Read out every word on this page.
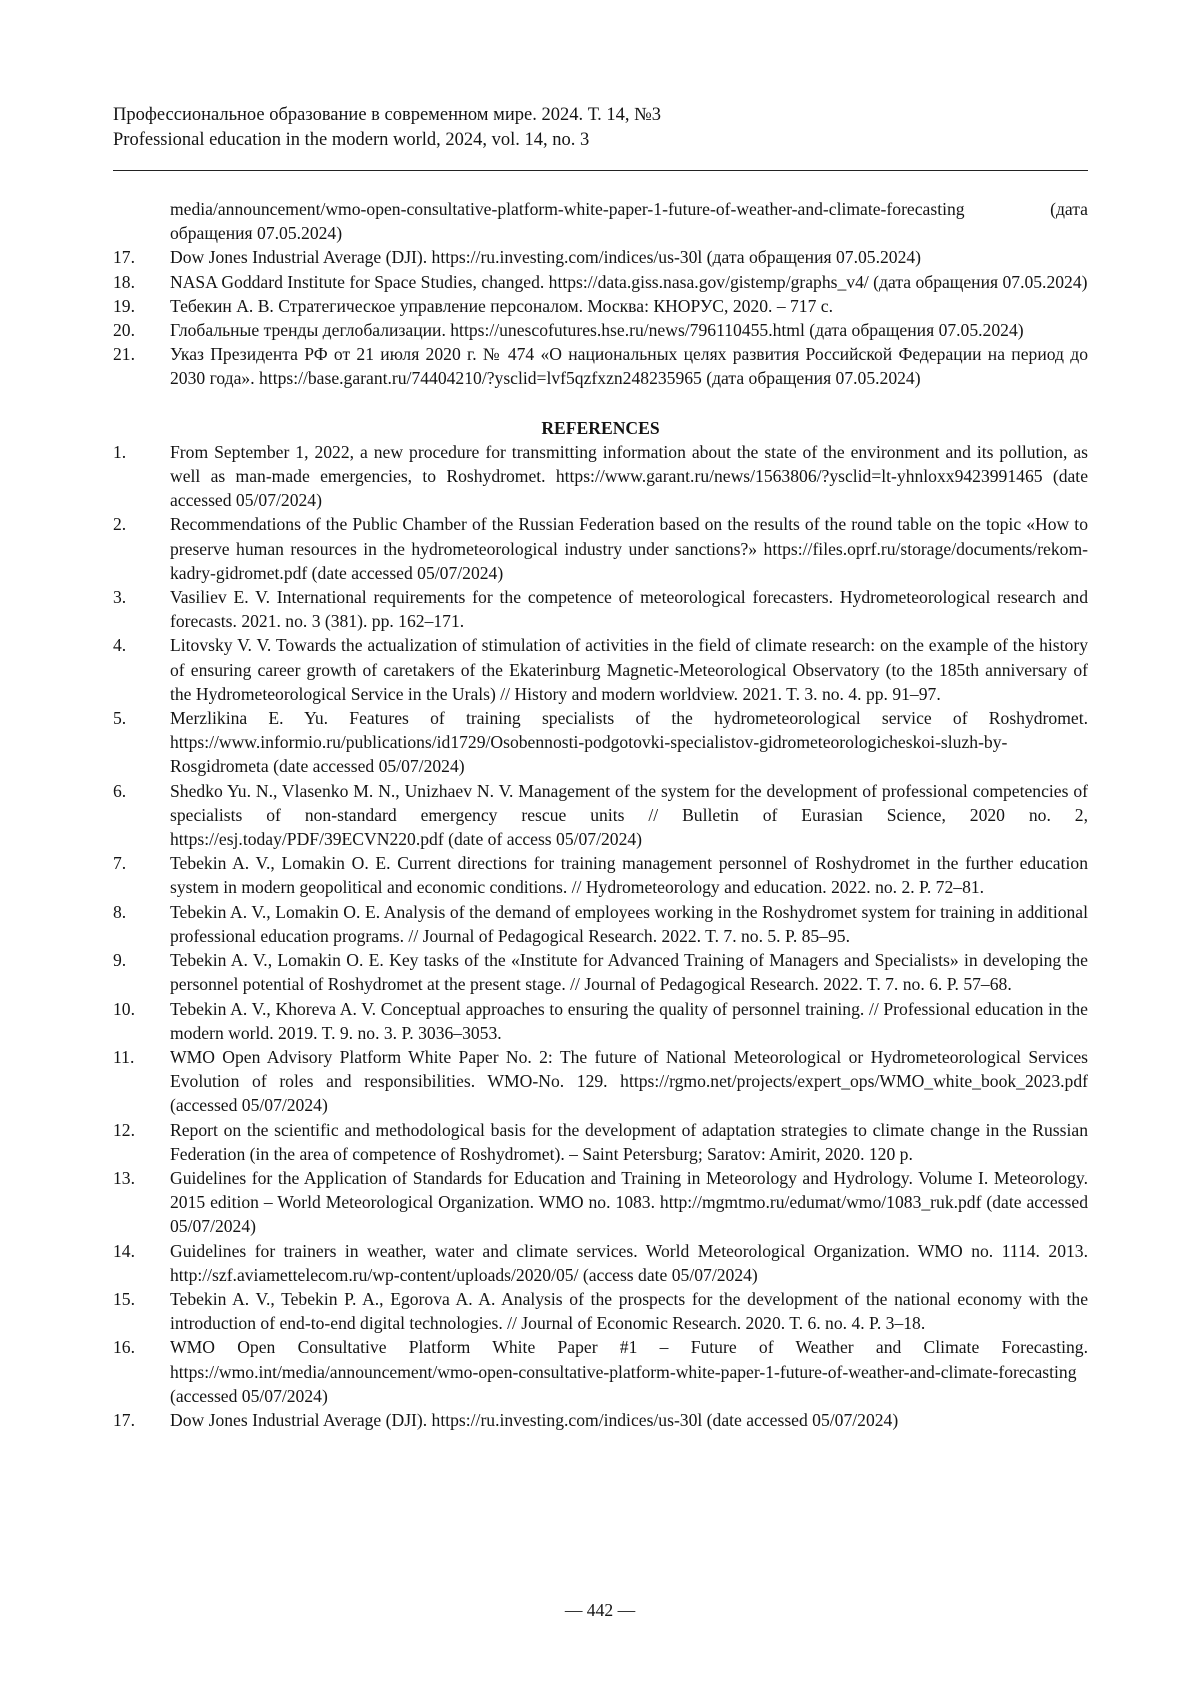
Профессиональное образование в современном мире. 2024. Т. 14, №3
Professional education in the modern world, 2024, vol. 14, no. 3
media/announcement/wmo-open-consultative-platform-white-paper-1-future-of-weather-and-climate-forecasting (дата обращения 07.05.2024)
17.	Dow Jones Industrial Average (DJI). https://ru.investing.com/indices/us-30l (дата обращения 07.05.2024)
18.	NASA Goddard Institute for Space Studies, changed. https://data.giss.nasa.gov/gistemp/graphs_v4/ (дата обращения 07.05.2024)
19.	Тебекин А. В. Стратегическое управление персоналом. Москва: КНОРУС, 2020. – 717 с.
20.	Глобальные тренды деглобализации. https://unescofutures.hse.ru/news/796110455.html (дата обращения 07.05.2024)
21.	Указ Президента РФ от 21 июля 2020 г. № 474 «О национальных целях развития Российской Федерации на период до 2030 года». https://base.garant.ru/74404210/?ysclid=lvf5qzfxzn248235965 (дата обращения 07.05.2024)
REFERENCES
1.	From September 1, 2022, a new procedure for transmitting information about the state of the environment and its pollution, as well as man-made emergencies, to Roshydromet. https://www.garant.ru/news/1563806/?ysclid=lt-yhnloxx9423991465 (date accessed 05/07/2024)
2.	Recommendations of the Public Chamber of the Russian Federation based on the results of the round table on the topic «How to preserve human resources in the hydrometeorological industry under sanctions?» https://files.oprf.ru/storage/documents/rekom-kadry-gidromet.pdf (date accessed 05/07/2024)
3.	Vasiliev E. V. International requirements for the competence of meteorological forecasters. Hydrometeorological research and forecasts. 2021. no. 3 (381). pp. 162–171.
4.	Litovsky V. V. Towards the actualization of stimulation of activities in the field of climate research: on the example of the history of ensuring career growth of caretakers of the Ekaterinburg Magnetic-Meteorological Observatory (to the 185th anniversary of the Hydrometeorological Service in the Urals) // History and modern worldview. 2021. T. 3. no. 4. pp. 91–97.
5.	Merzlikina E. Yu. Features of training specialists of the hydrometeorological service of Roshydromet. https://www.informio.ru/publications/id1729/Osobennosti-podgotovki-specialistov-gidrometeorologicheskoi-sluzh-by-Rosgidrometa (date accessed 05/07/2024)
6.	Shedko Yu. N., Vlasenko M. N., Unizhaev N. V. Management of the system for the development of professional competencies of specialists of non-standard emergency rescue units // Bulletin of Eurasian Science, 2020 no. 2, https://esj.today/PDF/39ECVN220.pdf (date of access 05/07/2024)
7.	Tebekin A. V., Lomakin O. E. Current directions for training management personnel of Roshydromet in the further education system in modern geopolitical and economic conditions. // Hydrometeorology and education. 2022. no. 2. P. 72–81.
8.	Tebekin A. V., Lomakin O. E. Analysis of the demand of employees working in the Roshydromet system for training in additional professional education programs. // Journal of Pedagogical Research. 2022. T. 7. no. 5. P. 85–95.
9.	Tebekin A. V., Lomakin O. E. Key tasks of the «Institute for Advanced Training of Managers and Specialists» in developing the personnel potential of Roshydromet at the present stage. // Journal of Pedagogical Research. 2022. T. 7. no. 6. P. 57–68.
10.	Tebekin A. V., Khoreva A. V. Conceptual approaches to ensuring the quality of personnel training. // Professional education in the modern world. 2019. T. 9. no. 3. P. 3036–3053.
11.	WMO Open Advisory Platform White Paper No. 2: The future of National Meteorological or Hydrometeorological Services Evolution of roles and responsibilities. WMO-No. 129. https://rgmo.net/projects/expert_ops/WMO_white_book_2023.pdf (accessed 05/07/2024)
12.	Report on the scientific and methodological basis for the development of adaptation strategies to climate change in the Russian Federation (in the area of competence of Roshydromet). – Saint Petersburg; Saratov: Amirit, 2020. 120 p.
13.	Guidelines for the Application of Standards for Education and Training in Meteorology and Hydrology. Volume I. Meteorology. 2015 edition – World Meteorological Organization. WMO no. 1083. http://mgmtmo.ru/edumat/wmo/1083_ruk.pdf (date accessed 05/07/2024)
14.	Guidelines for trainers in weather, water and climate services. World Meteorological Organization. WMO no. 1114. 2013. http://szf.aviamettelecom.ru/wp-content/uploads/2020/05/ (access date 05/07/2024)
15.	Tebekin A. V., Tebekin P. A., Egorova A. A. Analysis of the prospects for the development of the national economy with the introduction of end-to-end digital technologies. // Journal of Economic Research. 2020. T. 6. no. 4. P. 3–18.
16.	WMO Open Consultative Platform White Paper #1 – Future of Weather and Climate Forecasting. https://wmo.int/media/announcement/wmo-open-consultative-platform-white-paper-1-future-of-weather-and-climate-forecasting (accessed 05/07/2024)
17.	Dow Jones Industrial Average (DJI). https://ru.investing.com/indices/us-30l (date accessed 05/07/2024)
— 442 —
